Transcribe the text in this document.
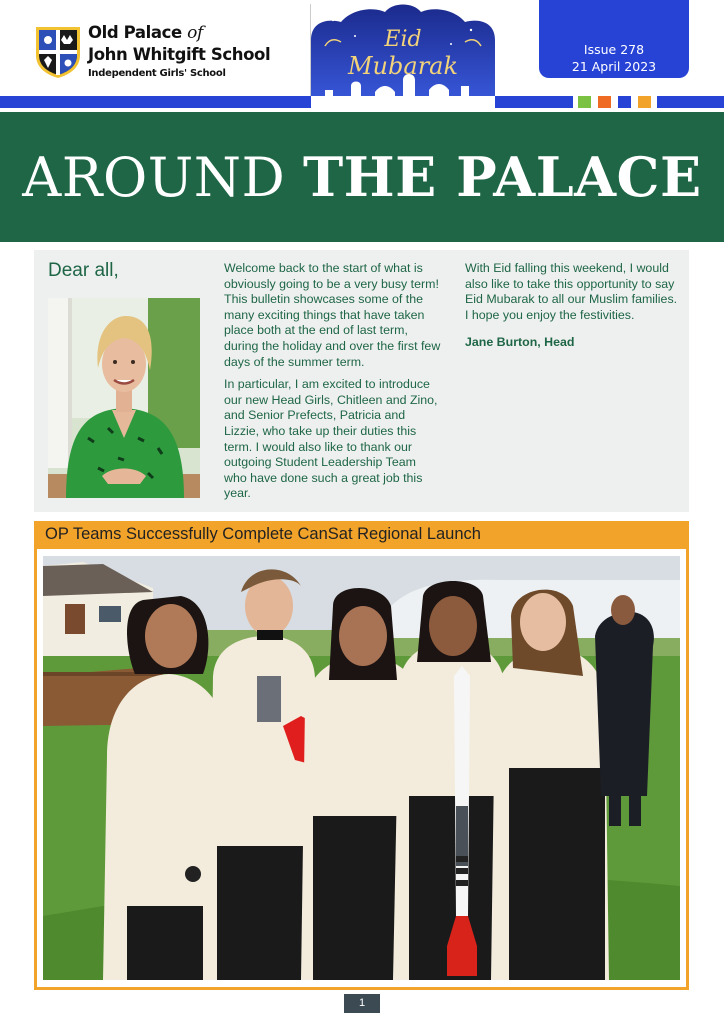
Old Palace of
John Whitgift School
Independent Girls' School
Eid
Mubarak
Issue 278
21 April 2023
AROUND THE PALACE
Dear all,	Welcome back to the start of what is obviously going to be a very busy term! This bulletin showcases some of the many exciting things that have taken place both at the end of last term, during the holiday and over the first few days of the summer term.

In particular, I am excited to introduce our new Head Girls, Chitleen and Zino, and Senior Prefects, Patricia and Lizzie, who take up their duties this term. I would also like to thank our outgoing Student Leadership Team who have done such a great job this year.

With Eid falling this weekend, I would also like to take this opportunity to say Eid Mubarak to all our Muslim families. I hope you enjoy the festivities.

Jane Burton, Head

OP Teams Successfully Complete CanSat Regional Launch
1
